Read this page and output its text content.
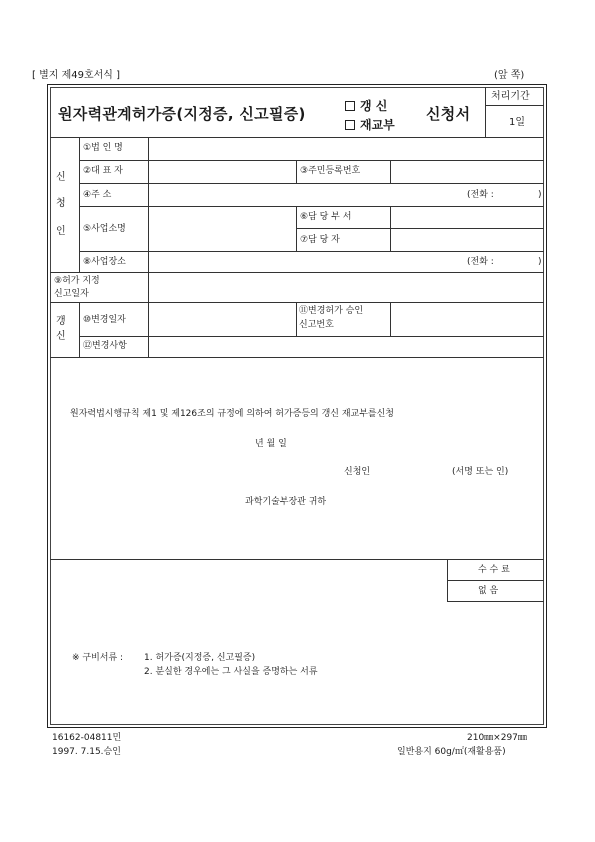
[ 별지 제49호서식 ]	(앞 쪽)
원자력관계허가증(지정증, 신고필증)	갱 신
재교부
신청서
처리기간
1일
신
청
인
①법 인 명
②대 표 자	③주민등록번호
④주 소	(전화 :	)
⑤사업소명
⑥담 당 부 서
⑦담 당 자
⑧사업장소	(전화 :	)
⑨허가 지정
신고일자
갱
신
⑩변경일자
⑪변경허가 승인
신고번호
⑫변경사항
원자력법시행규칙 제1 및 제126조의 규정에 의하여 허가증등의 갱신 재교부를신청
년 월 일
신청인	(서명 또는 인)
과학기술부장관 귀하
수 수 료
없 음
※ 구비서류 : 1. 허가증(지정증, 신고필증)
2. 분실한 경우에는 그 사실을 증명하는 서류
16162-04811민
1997. 7.15.승인
210㎜×297㎜
일반용지 60g/㎡(재활용품)
